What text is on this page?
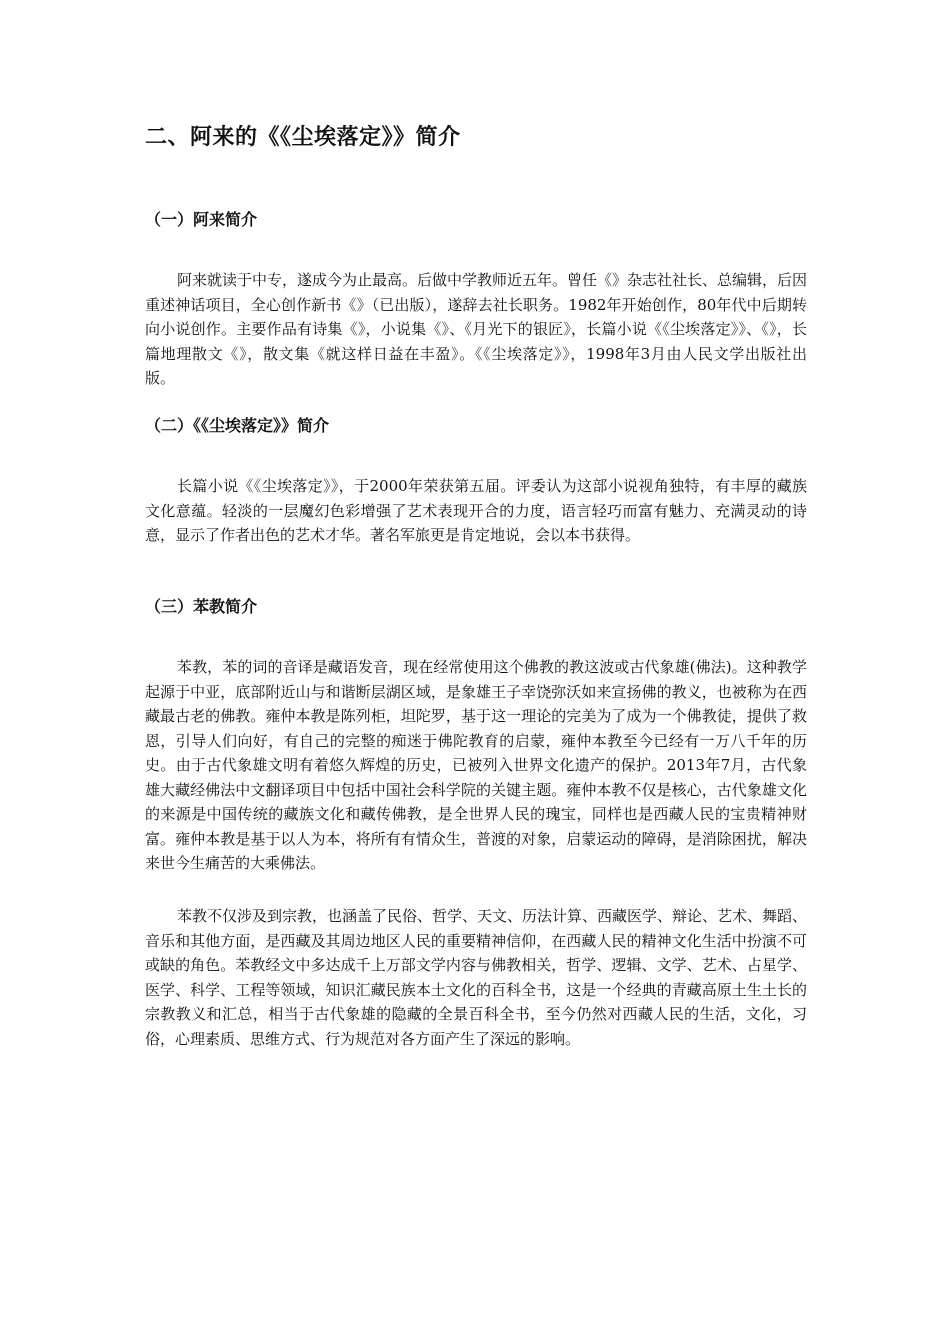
二、阿来的《《尘埃落定》》简介
（一）阿来简介

阿来就读于中专，遂成今为止最高。后做中学教师近五年。曾任《》杂志社社长、总编辑，后因重述神话项目，全心创作新书《》（已出版），遂辞去社长职务。1982年开始创作，80年代中后期转向小说创作。主要作品有诗集《》，小说集《》、《月光下的银匠》，长篇小说《《尘埃落定》》、《》，长篇地理散文《》，散文集《就这样日益在丰盈》。《《尘埃落定》》，1998年3月由人民文学出版社出版。

（二）《《尘埃落定》》简介

长篇小说《《尘埃落定》》，于2000年荣获第五届。评委认为这部小说视角独特，有丰厚的藏族文化意蕴。轻淡的一层魔幻色彩增强了艺术表现开合的力度，语言轻巧而富有魅力、充满灵动的诗意，显示了作者出色的艺术才华。著名军旅更是肯定地说，会以本书获得。

（三）苯教简介

苯教，苯的词的音译是藏语发音，现在经常使用这个佛教的教这波或古代象雄(佛法)。这种教学起源于中亚，底部附近山与和谐断层湖区域，是象雄王子幸饶弥沃如来宣扬佛的教义，也被称为在西藏最古老的佛教。雍仲本教是陈列柜，坦陀罗，基于这一理论的完美为了成为一个佛教徒，提供了救恩，引导人们向好，有自己的完整的痴迷于佛陀教育的启蒙，雍仲本教至今已经有一万八千年的历史。由于古代象雄文明有着悠久辉煌的历史，已被列入世界文化遗产的保护。2013年7月，古代象雄大藏经佛法中文翻译项目中包括中国社会科学院的关键主题。雍仲本教不仅是核心，古代象雄文化的来源是中国传统的藏族文化和藏传佛教，是全世界人民的瑰宝，同样也是西藏人民的宝贵精神财富。雍仲本教是基于以人为本，将所有有情众生，普渡的对象，启蒙运动的障碍，是消除困扰，解决来世今生痛苦的大乘佛法。

苯教不仅涉及到宗教，也涵盖了民俗、哲学、天文、历法计算、西藏医学、辩论、艺术、舞蹈、音乐和其他方面，是西藏及其周边地区人民的重要精神信仰，在西藏人民的精神文化生活中扮演不可或缺的角色。苯教经文中多达成千上万部文学内容与佛教相关，哲学、逻辑、文学、艺术、占星学、医学、科学、工程等领域，知识汇藏民族本土文化的百科全书，这是一个经典的青藏高原土生土长的宗教教义和汇总，相当于古代象雄的隐藏的全景百科全书，至今仍然对西藏人民的生活，文化，习俗，心理素质、思维方式、行为规范对各方面产生了深远的影响。
